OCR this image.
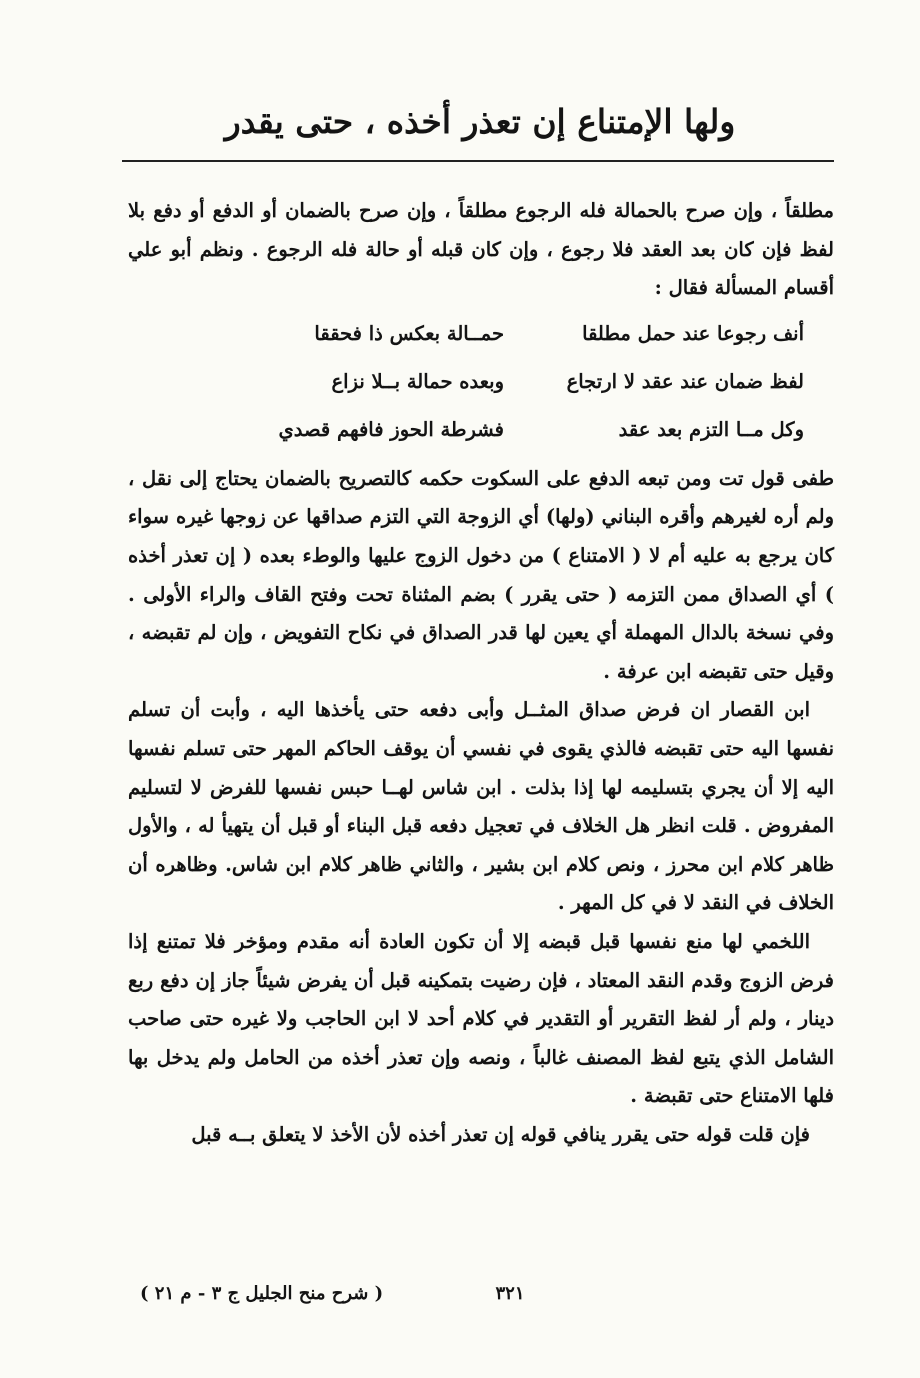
ولها الإمتناع إن تعذر أخذه ، حتى يقدر

مطلقاً ، وإن صرح بالحمالة فله الرجوع مطلقاً ، وإن صرح بالضمان أو الدفع أو دفع بلا لفظ فإن كان بعد العقد فلا رجوع ، وإن كان قبله أو حالة فله الرجوع . ونظم أبو علي أقسام المسألة فقال :

أنف رجوعا عند حمل مطلقا
حمــالة بعكس ذا فحققا
لفظ ضمان عند عقد لا ارتجاع
وبعده حمالة بــلا نزاع
وكل مــا التزم بعد عقد
فشرطة الحوز فافهم قصدي

طفى قول تت ومن تبعه الدفع على السكوت حكمه كالتصريح بالضمان يحتاج إلى نقل ، ولم أره لغيرهم وأقره البناني (ولها) أي الزوجة التي التزم صداقها عن زوجها غيره سواء كان يرجع به عليه أم لا ( الامتناع ) من دخول الزوج عليها والوطء بعده ( إن تعذر أخذه ) أي الصداق ممن التزمه ( حتى يقرر ) بضم المثناة تحت وفتح القاف والراء الأولى . وفي نسخة بالدال المهملة أي يعين لها قدر الصداق في نكاح التفويض ، وإن لم تقبضه ، وقيل حتى تقبضه ابن عرفة .

ابن القصار ان فرض صداق المثــل وأبى دفعه حتى يأخذها اليه ، وأبت أن تسلم نفسها اليه حتى تقبضه فالذي يقوى في نفسي أن يوقف الحاكم المهر حتى تسلم نفسها اليه إلا أن يجري بتسليمه لها إذا بذلت . ابن شاس لهــا حبس نفسها للفرض لا لتسليم المفروض . قلت انظر هل الخلاف في تعجيل دفعه قبل البناء أو قبل أن يتهيأ له ، والأول ظاهر كلام ابن محرز ، ونص كلام ابن بشير ، والثاني ظاهر كلام ابن شاس. وظاهره أن الخلاف في النقد لا في كل المهر .

اللخمي لها منع نفسها قبل قبضه إلا أن تكون العادة أنه مقدم ومؤخر فلا تمتنع إذا فرض الزوج وقدم النقد المعتاد ، فإن رضيت بتمكينه قبل أن يفرض شيئاً جاز إن دفع ربع دينار ، ولم أر لفظ التقرير أو التقدير في كلام أحد لا ابن الحاجب ولا غيره حتى صاحب الشامل الذي يتبع لفظ المصنف غالباً ، ونصه وإن تعذر أخذه من الحامل ولم يدخل بها فلها الامتناع حتى تقبضة .

فإن قلت قوله حتى يقرر ينافي قوله إن تعذر أخذه لأن الأخذ لا يتعلق بــه قبل

٣٢١
( شرح منح الجليل ج ٣ - م ٢١ )
